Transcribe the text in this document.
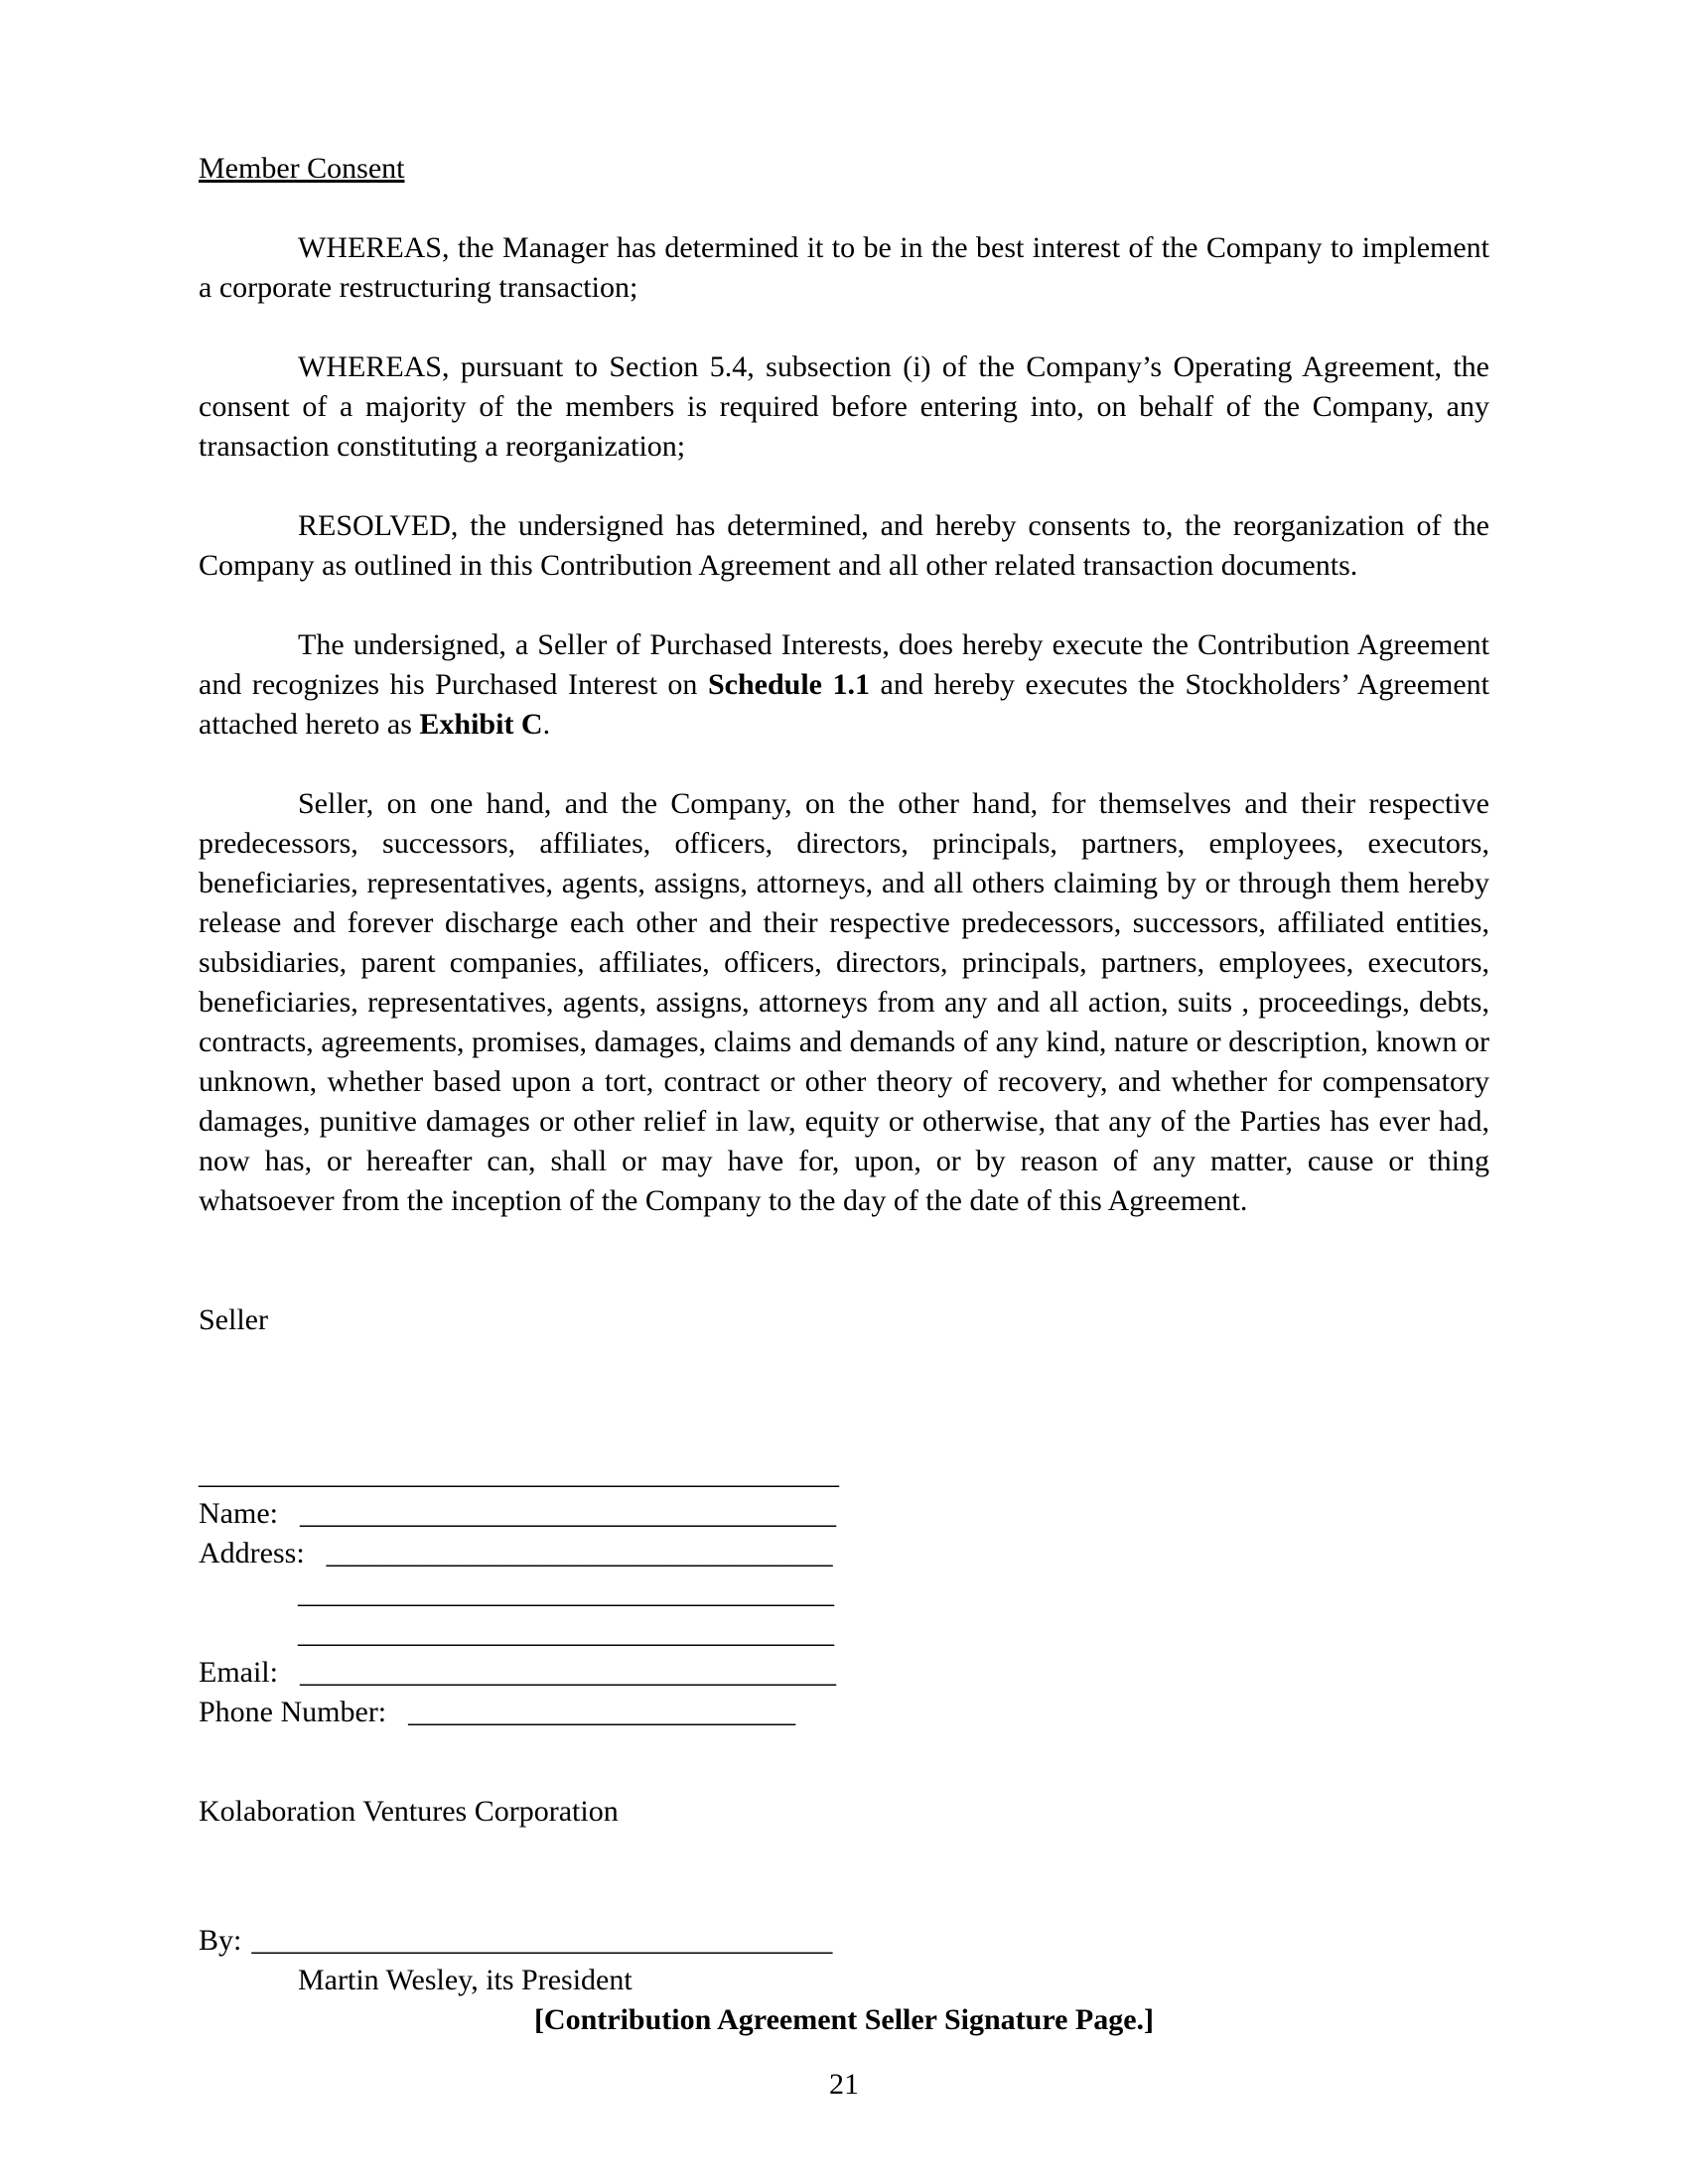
Member Consent

WHEREAS, the Manager has determined it to be in the best interest of the Company to implement a corporate restructuring transaction;

WHEREAS, pursuant to Section 5.4, subsection (i) of the Company’s Operating Agreement, the consent of a majority of the members is required before entering into, on behalf of the Company, any transaction constituting a reorganization;

RESOLVED, the undersigned has determined, and hereby consents to, the reorganization of the Company as outlined in this Contribution Agreement and all other related transaction documents.

The undersigned, a Seller of Purchased Interests, does hereby execute the Contribution Agreement and recognizes his Purchased Interest on Schedule 1.1 and hereby executes the Stockholders’ Agreement attached hereto as Exhibit C.

Seller, on one hand, and the Company, on the other hand, for themselves and their respective predecessors, successors, affiliates, officers, directors, principals, partners, employees, executors, beneficiaries, representatives, agents, assigns, attorneys, and all others claiming by or through them hereby release and forever discharge each other and their respective predecessors, successors, affiliated entities, subsidiaries, parent companies, affiliates, officers, directors, principals, partners, employees, executors, beneficiaries, representatives, agents, assigns, attorneys from any and all action, suits , proceedings, debts, contracts, agreements, promises, damages, claims and demands of any kind, nature or description, known or unknown, whether based upon a tort, contract or other theory of recovery, and whether for compensatory damages, punitive damages or other relief in law, equity or otherwise, that any of the Parties has ever had, now has, or hereafter can, shall or may have for, upon, or by reason of any matter, cause or thing whatsoever from the inception of the Company to the day of the date of this Agreement.

Seller
___________________________________________
Name: ____________________________________
Address: __________________________________
____________________________________
____________________________________
Email: ____________________________________
Phone Number: __________________________
Kolaboration Ventures Corporation
By: _______________________________________
Martin Wesley, its President
[Contribution Agreement Seller Signature Page.]
21
